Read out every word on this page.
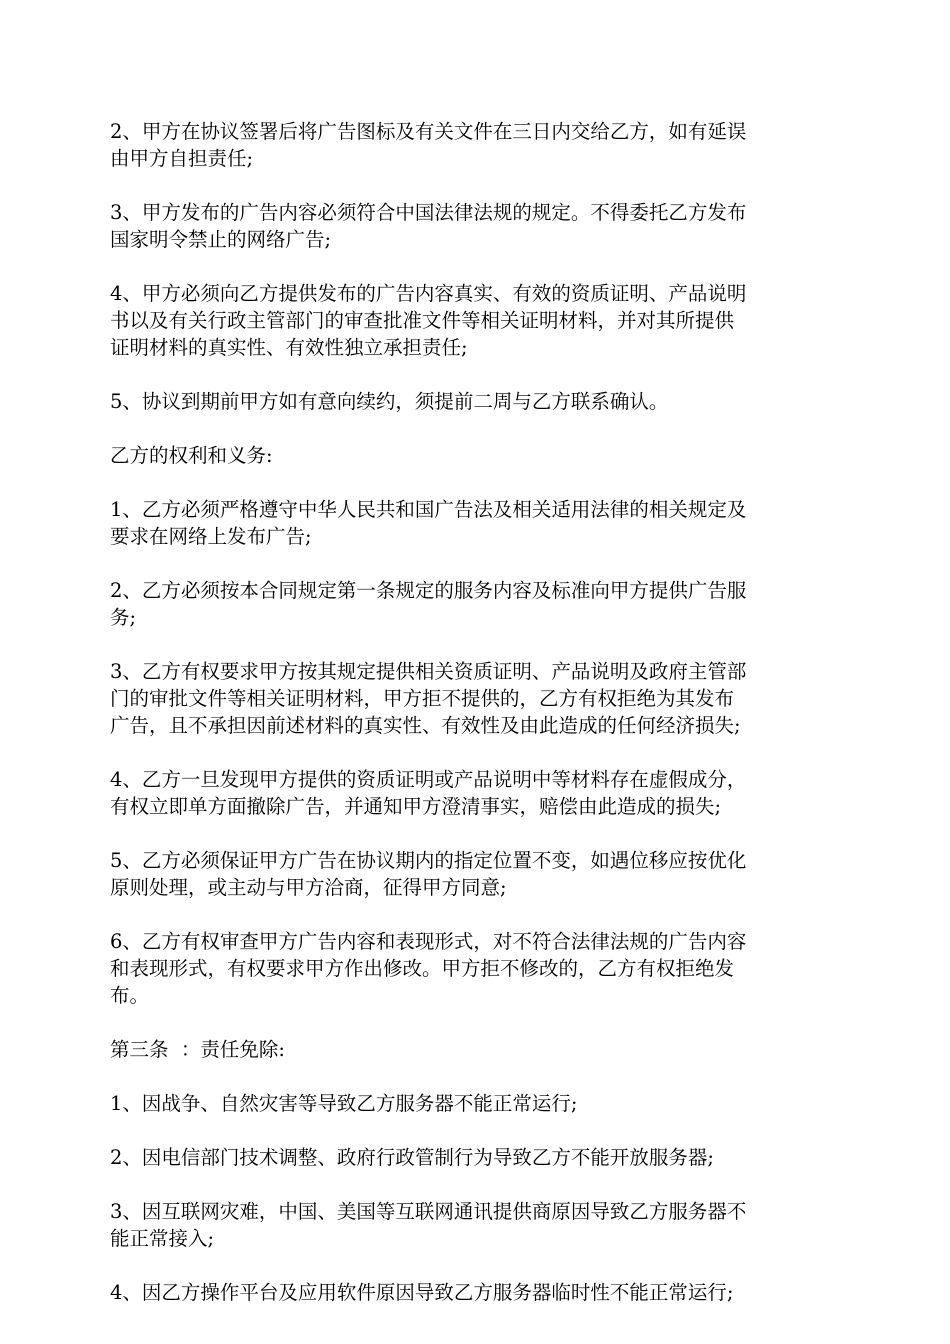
2、甲方在协议签署后将广告图标及有关文件在三日内交给乙方，如有延误
由甲方自担责任;

3、甲方发布的广告内容必须符合中国法律法规的规定。不得委托乙方发布
国家明令禁止的网络广告;

4、甲方必须向乙方提供发布的广告内容真实、有效的资质证明、产品说明
书以及有关行政主管部门的审查批准文件等相关证明材料，并对其所提供
证明材料的真实性、有效性独立承担责任;

5、协议到期前甲方如有意向续约，须提前二周与乙方联系确认。

乙方的权利和义务:

1、乙方必须严格遵守中华人民共和国广告法及相关适用法律的相关规定及
要求在网络上发布广告;

2、乙方必须按本合同规定第一条规定的服务内容及标准向甲方提供广告服
务;

3、乙方有权要求甲方按其规定提供相关资质证明、产品说明及政府主管部
门的审批文件等相关证明材料，甲方拒不提供的，乙方有权拒绝为其发布
广告，且不承担因前述材料的真实性、有效性及由此造成的任何经济损失;

4、乙方一旦发现甲方提供的资质证明或产品说明中等材料存在虚假成分，
有权立即单方面撤除广告，并通知甲方澄清事实，赔偿由此造成的损失;

5、乙方必须保证甲方广告在协议期内的指定位置不变，如遇位移应按优化
原则处理，或主动与甲方洽商，征得甲方同意;

6、乙方有权审查甲方广告内容和表现形式，对不符合法律法规的广告内容
和表现形式，有权要求甲方作出修改。甲方拒不修改的，乙方有权拒绝发
布。

第三条  ：责任免除:

1、因战争、自然灾害等导致乙方服务器不能正常运行;

2、因电信部门技术调整、政府行政管制行为导致乙方不能开放服务器;

3、因互联网灾难，中国、美国等互联网通讯提供商原因导致乙方服务器不
能正常接入;

4、因乙方操作平台及应用软件原因导致乙方服务器临时性不能正常运行;
